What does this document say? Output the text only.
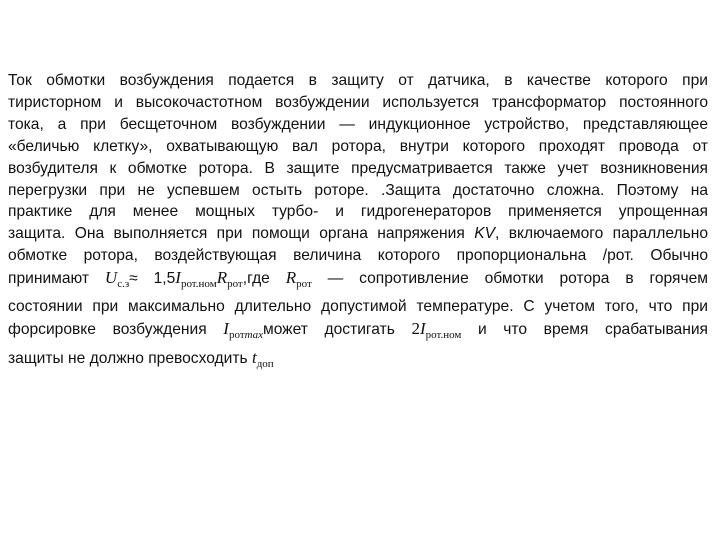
Ток обмотки возбуждения подается в защиту от датчика, в качестве которого при
тиристорном и высокочастотном возбуждении используется трансформатор постоянного
тока, а при бесщеточном возбуждении — индукционное устройство, представляющее
«беличью клетку», охватывающую вал ротора, внутри которого проходят провода от
возбудителя к обмотке ротора. В защите предусматривается также учет возникновения
перегрузки при не успевшем остыть роторе. .Защита достаточно сложна. Поэтому на
практике для менее мощных турбо- и гидрогенераторов применяется упрощенная
защита. Она выполняется при помощи органа напряжения KV, включаемого параллельно
обмотке ротора, воздействующая величина которого пропорциональна /рот. Обычно
принимают $U_{с.з}\approx 1,5I_{рот.ном}R_{рот},где$ $R_{рот}$ — сопротивление обмотки ротора в горячем
состоянии при максимально длительно допустимой температуре. С учетом того, что при
форсировке возбуждения $I_{ротmax}может$ достигать $2I_{рот.ном}$ и что время срабатывания
защиты не должно превосходить $t_{доп}$
